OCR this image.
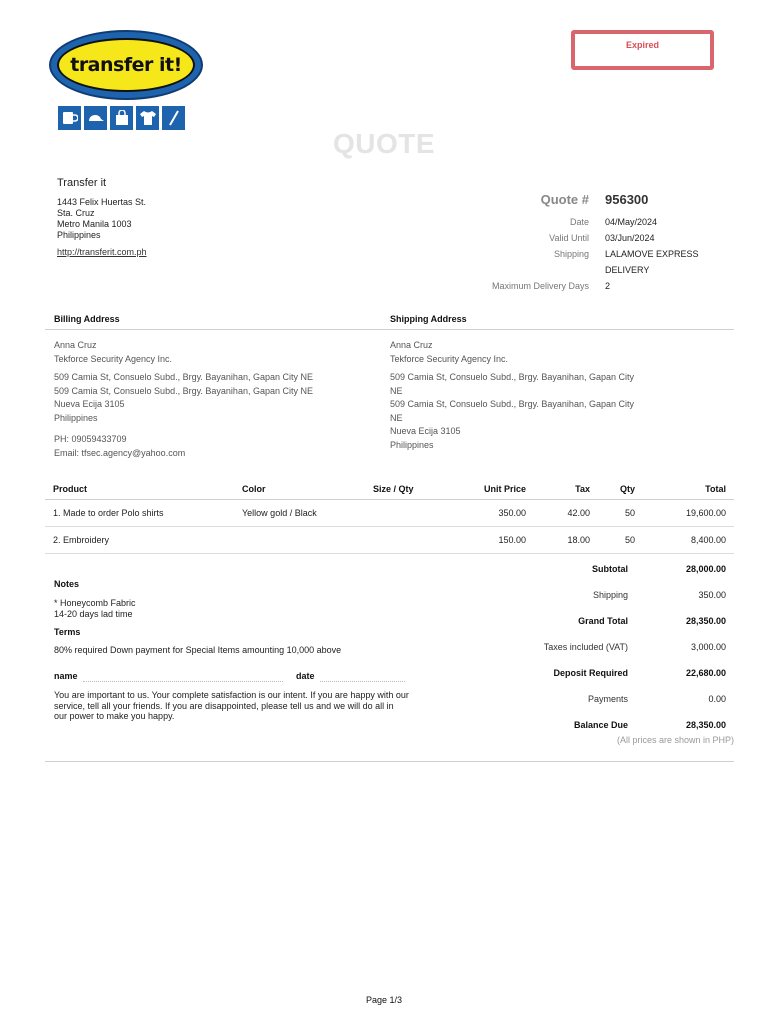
transfer it!
Expired
QUOTE
Transfer it
1443 Felix Huertas St.
Sta. Cruz
Metro Manila 1003
Philippines
http://transferit.com.ph
Quote #	956300
Date	04/May/2024
Valid Until	03/Jun/2024
Shipping	LALAMOVE EXPRESS
DELIVERY
Maximum Delivery Days	2
Billing Address	Shipping Address
Anna Cruz
Tekforce Security Agency Inc.
509 Camia St, Consuelo Subd., Brgy. Bayanihan, Gapan City NE
509 Camia St, Consuelo Subd., Brgy. Bayanihan, Gapan City NE
Nueva Ecija 3105
Philippines
PH: 09059433709
Email: tfsec.agency@yahoo.com
Anna Cruz
Tekforce Security Agency Inc.
509 Camia St, Consuelo Subd., Brgy. Bayanihan, Gapan City
NE
509 Camia St, Consuelo Subd., Brgy. Bayanihan, Gapan City
NE
Nueva Ecija 3105
Philippines
Product	Color	Size / Qty	Unit Price	Tax	Qty	Total
1. Made to order Polo shirts	Yellow gold / Black		350.00	42.00	50	19,600.00
2. Embroidery			150.00	18.00	50	8,400.00
Subtotal	28,000.00
Shipping	350.00
Grand Total	28,350.00
Taxes included (VAT)	3,000.00
Deposit Required	22,680.00
Payments	0.00
Balance Due	28,350.00
(All prices are shown in PHP)
Notes
* Honeycomb Fabric
14-20 days lad time
Terms
80% required Down payment for Special Items amounting 10,000 above
name	date
You are important to us. Your complete satisfaction is our intent. If you are happy with our service, tell all your friends. If you are disappointed, please tell us and we will do all in our power to make you happy.
Page 1/3
